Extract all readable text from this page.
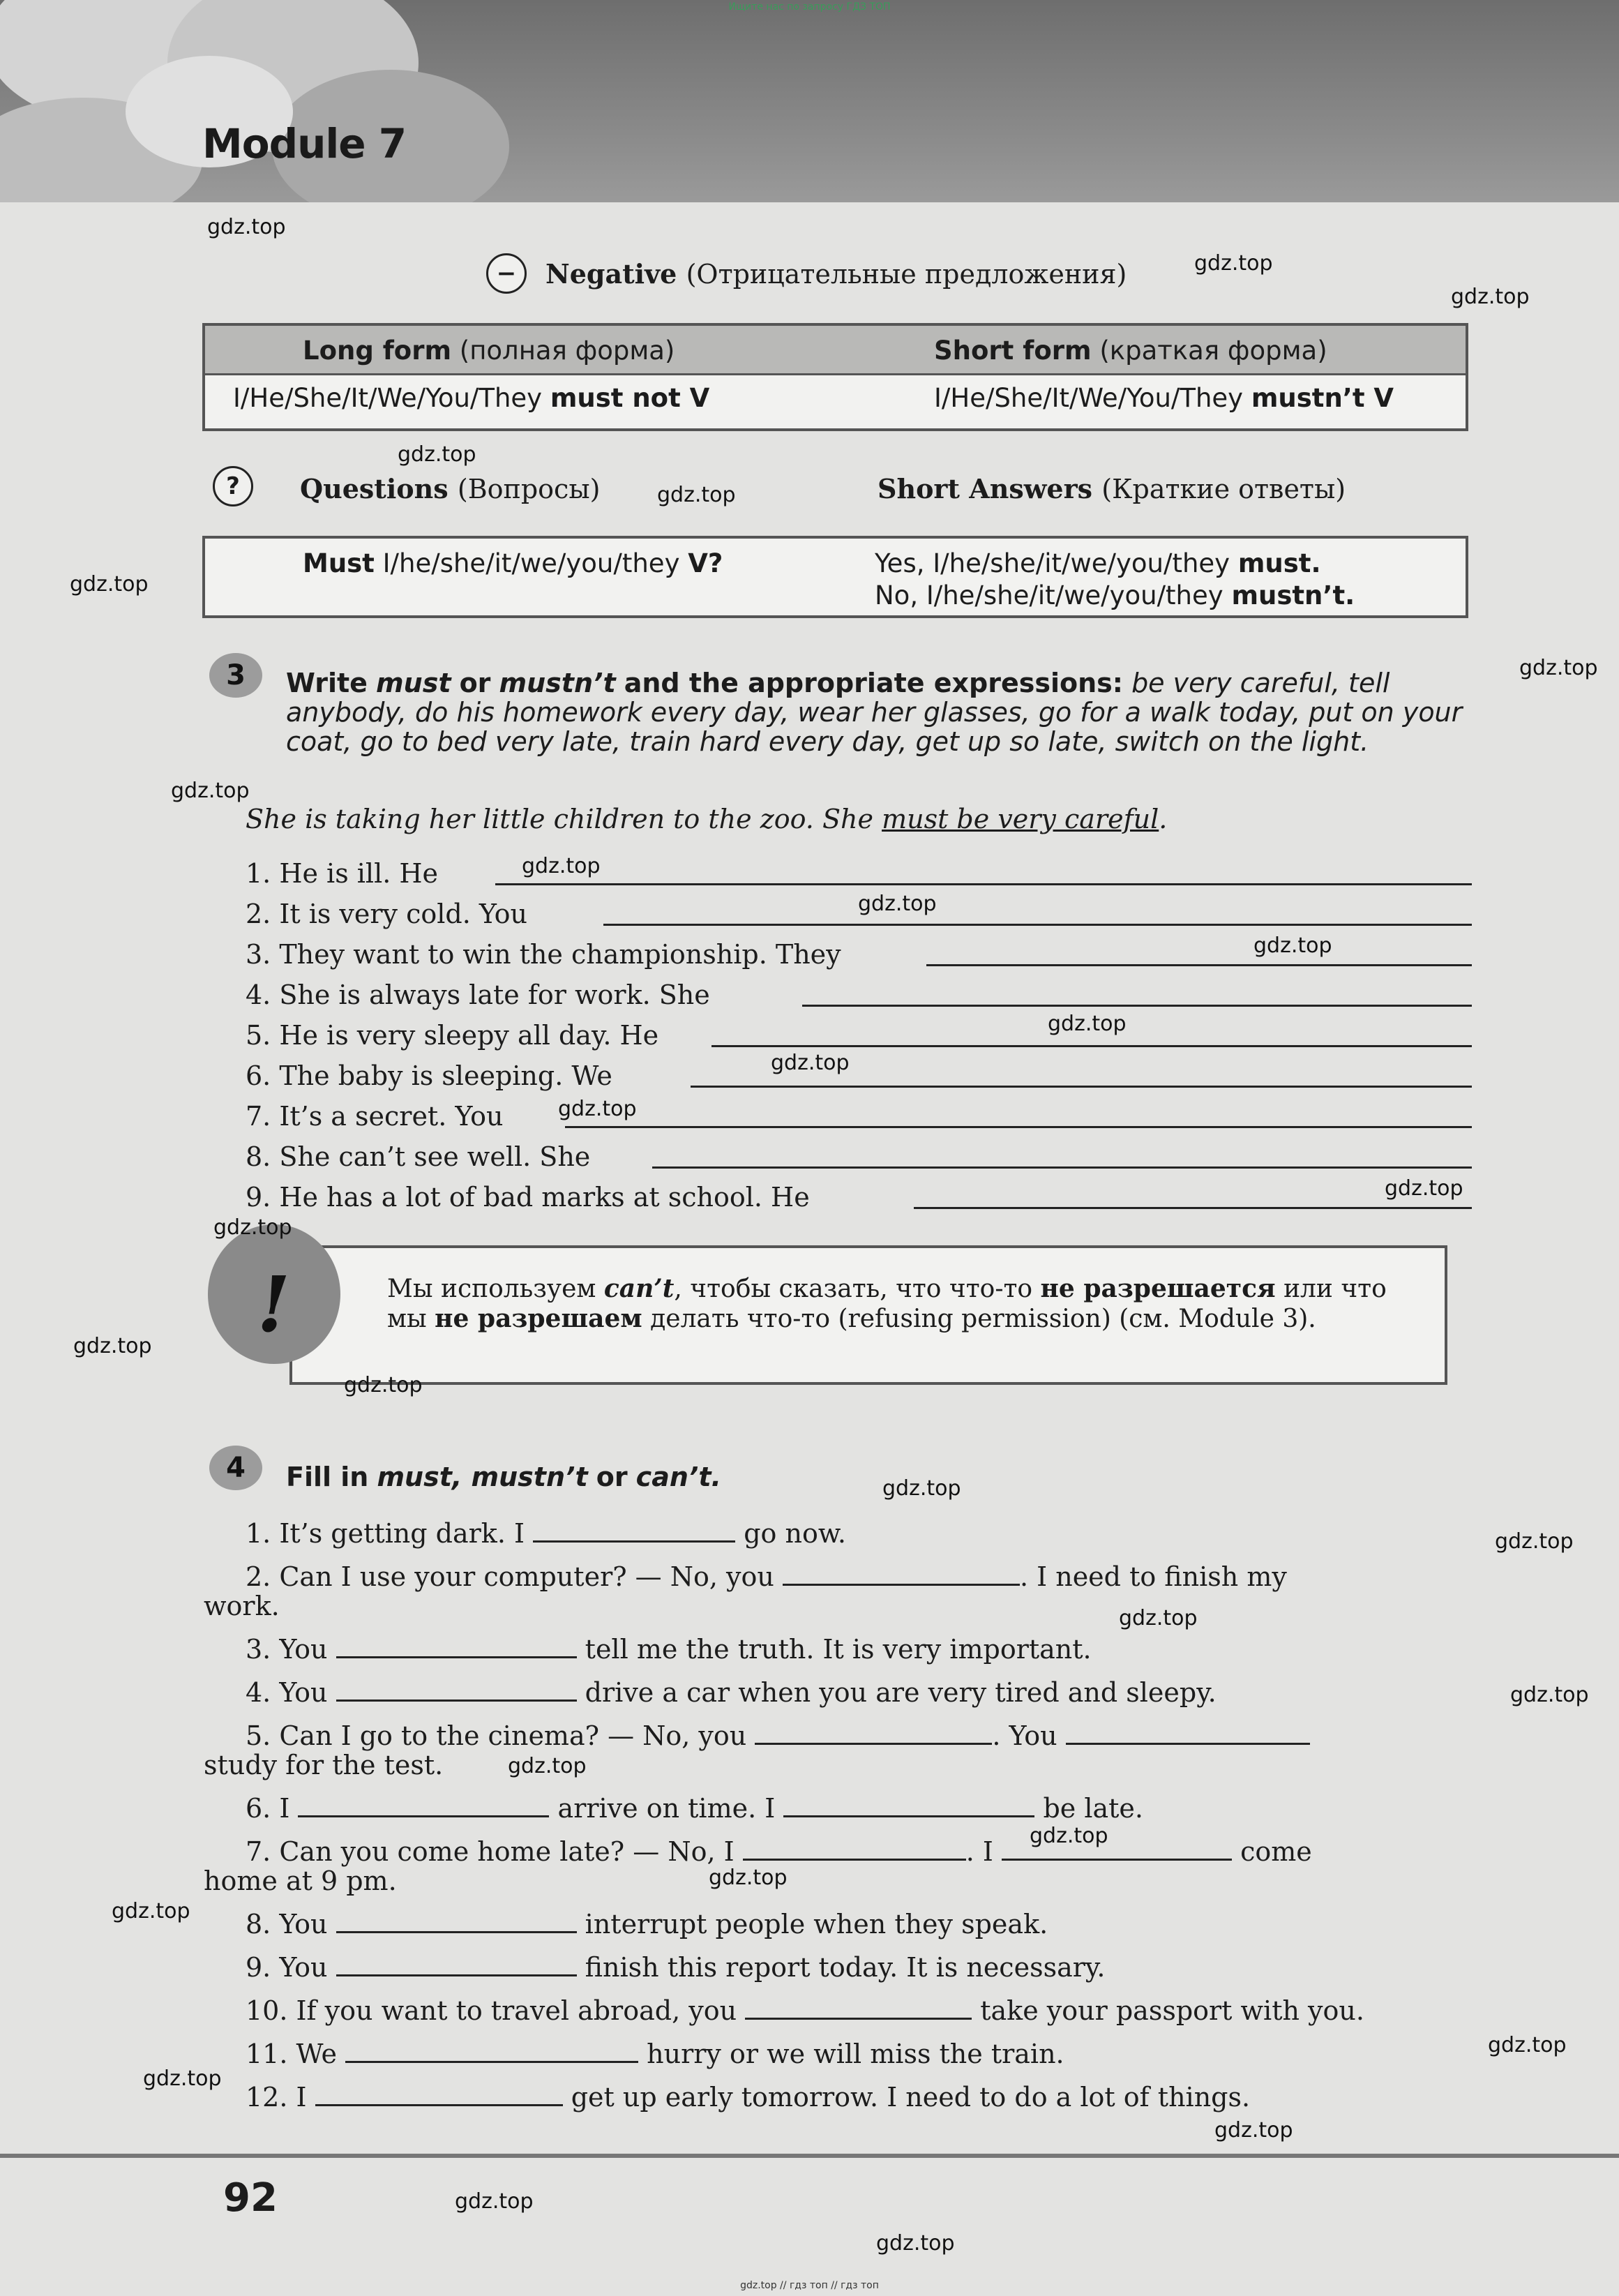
Ищите нас по запросу ГДЗ ТОП
Module 7
−	Negative (Отрицательные предложения)
Long form (полная форма)	Short form (краткая форма)
I/He/She/It/We/You/They must not V	I/He/She/It/We/You/They mustn’t V
?	Questions (Вопросы)	Short Answers (Краткие ответы)
Must I/he/she/it/we/you/they V?	Yes, I/he/she/it/we/you/they must.
No, I/he/she/it/we/you/they mustn’t.
3	Write must or mustn’t and the appropriate expressions: be very careful, tell anybody, do his homework every day, wear her glasses, go for a walk today, put on your coat, go to bed very late, train hard every day, get up so late, switch on the light.
She is taking her little children to the zoo. She must be very careful.
1. He is ill. He
2. It is very cold. You
3. They want to win the championship. They
4. She is always late for work. She
5. He is very sleepy all day. He
6. The baby is sleeping. We
7. It’s a secret. You
8. She can’t see well. She
9. He has a lot of bad marks at school. He
!	Мы используем can’t, чтобы сказать, что что-то не разрешается или что мы не разрешаем делать что-то (refusing permission) (см. Module 3).
4	Fill in must, mustn’t or can’t.
1. It’s getting dark. I	go now.
2. Can I use your computer? — No, you	. I need to finish my
work.
3. You	tell me the truth. It is very important.
4. You	drive a car when you are very tired and sleepy.
5. Can I go to the cinema? — No, you	. You
study for the test.
6. I	arrive on time. I	be late.
7. Can you come home late? — No, I	. I	come
home at 9 pm.
8. You	interrupt people when they speak.
9. You	finish this report today. It is necessary.
10. If you want to travel abroad, you	take your passport with you.
11. We	hurry or we will miss the train.
12. I	get up early tomorrow. I need to do a lot of things.
92
gdz.top // гдз топ // гдз топ
gdz.top
gdz.top
gdz.top
gdz.top
gdz.top
gdz.top
gdz.top
gdz.top
gdz.top
gdz.top
gdz.top
gdz.top
gdz.top
gdz.top
gdz.top
gdz.top
gdz.top
gdz.top
gdz.top
gdz.top
gdz.top
gdz.top
gdz.top
gdz.top
gdz.top
gdz.top
gdz.top
gdz.top
gdz.top
gdz.top
gdz.top
